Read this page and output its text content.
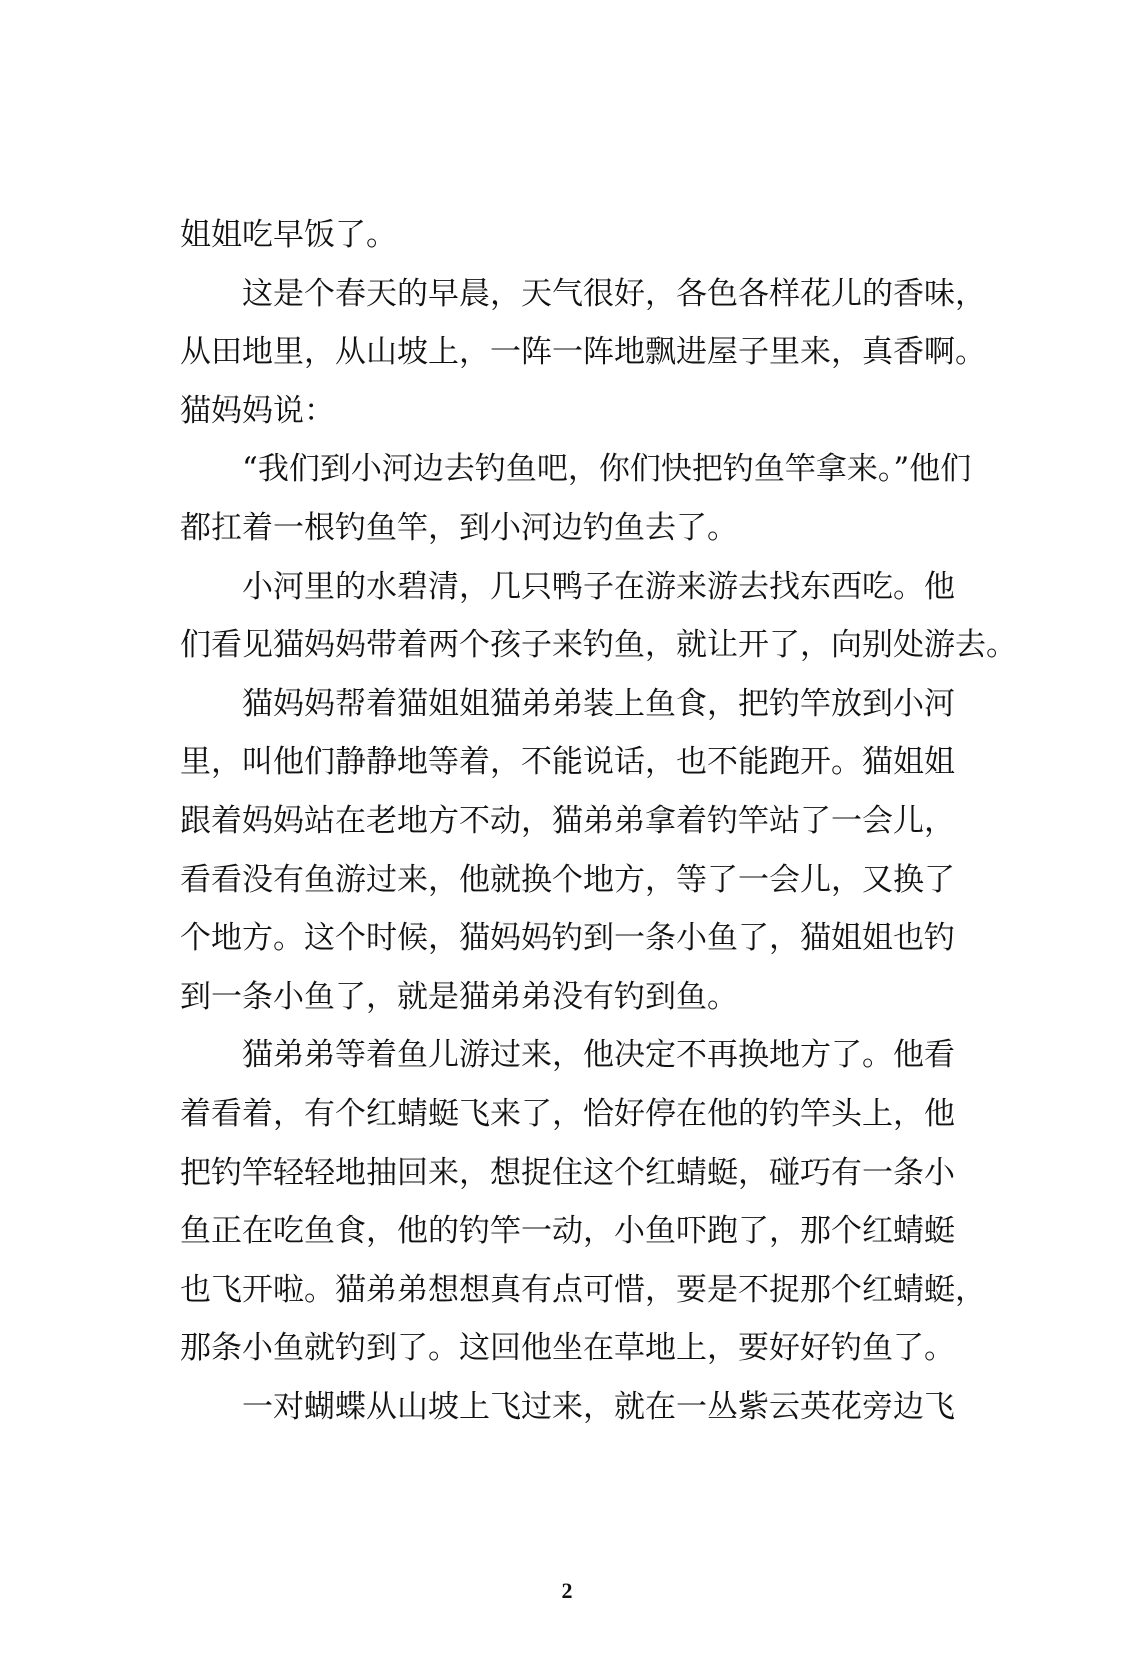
姐姐吃早饭了。
这是个春天的早晨，天气很好，各色各样花儿的香味，
从田地里，从山坡上，一阵一阵地飘进屋子里来，真香啊。
猫妈妈说：
“我们到小河边去钓鱼吧，你们快把钓鱼竿拿来。”他们
都扛着一根钓鱼竿，到小河边钓鱼去了。
小河里的水碧清，几只鸭子在游来游去找东西吃。他
们看见猫妈妈带着两个孩子来钓鱼，就让开了，向别处游去。
猫妈妈帮着猫姐姐猫弟弟装上鱼食，把钓竿放到小河
里，叫他们静静地等着，不能说话，也不能跑开。猫姐姐
跟着妈妈站在老地方不动，猫弟弟拿着钓竿站了一会儿，
看看没有鱼游过来，他就换个地方，等了一会儿，又换了
个地方。这个时候，猫妈妈钓到一条小鱼了，猫姐姐也钓
到一条小鱼了，就是猫弟弟没有钓到鱼。
猫弟弟等着鱼儿游过来，他决定不再换地方了。他看
着看着，有个红蜻蜓飞来了，恰好停在他的钓竿头上，他
把钓竿轻轻地抽回来，想捉住这个红蜻蜓，碰巧有一条小
鱼正在吃鱼食，他的钓竿一动，小鱼吓跑了，那个红蜻蜓
也飞开啦。猫弟弟想想真有点可惜，要是不捉那个红蜻蜓，
那条小鱼就钓到了。这回他坐在草地上，要好好钓鱼了。
一对蝴蝶从山坡上飞过来，就在一丛紫云英花旁边飞

2
